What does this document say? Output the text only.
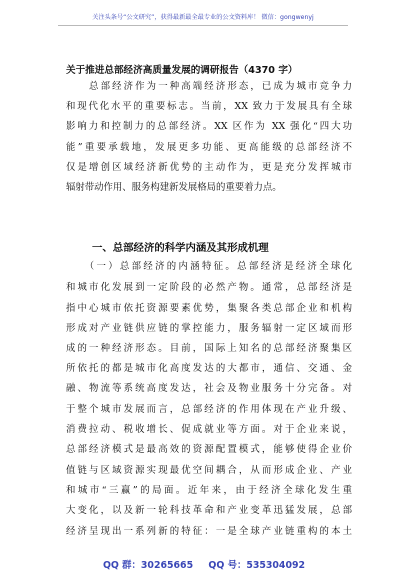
关注头条号“公文研究”，获得最新最全最专业的公文资料库！ 微信：gongwenyj
关于推进总部经济高质量发展的调研报告（4370 字）
　　总部经济作为一种高端经济形态，已成为城市竞争力
和现代化水平的重要标志。当前，XX 致力于发展具有全球
影响力和控制力的总部经济。XX 区作为 XX 强化“四大功
能”重要承载地，发展更多功能、更高能级的总部经济不
仅是增创区域经济新优势的主动作为，更是充分发挥城市
辐射带动作用、服务构建新发展格局的重要着力点。
一、总部经济的科学内涵及其形成机理
　　（一）总部经济的内涵特征。总部经济是经济全球化
和城市化发展到一定阶段的必然产物。通常，总部经济是
指中心城市依托资源要素优势，集聚各类总部企业和机构
形成对产业链供应链的掌控能力，服务辐射一定区域而形
成的一种经济形态。目前，国际上知名的总部经济聚集区
所依托的都是城市化高度发达的大都市，通信、交通、金
融、物流等系统高度发达，社会及物业服务十分完备。对
于整个城市发展而言，总部经济的作用体现在产业升级、
消费拉动、税收增长、促成就业等方面。对于企业来说，
总部经济模式是最高效的资源配置模式，能够使得企业价
值链与区域资源实现最优空间耦合，从而形成企业、产业
和城市“三赢”的局面。近年来，由于经济全球化发生重
大变化，以及新一轮科技革命和产业变革迅猛发展，总部
经济呈现出一系列新的特征：一是全球产业链重构的本土
QQ 群：30265665 QQ 号：535304092
